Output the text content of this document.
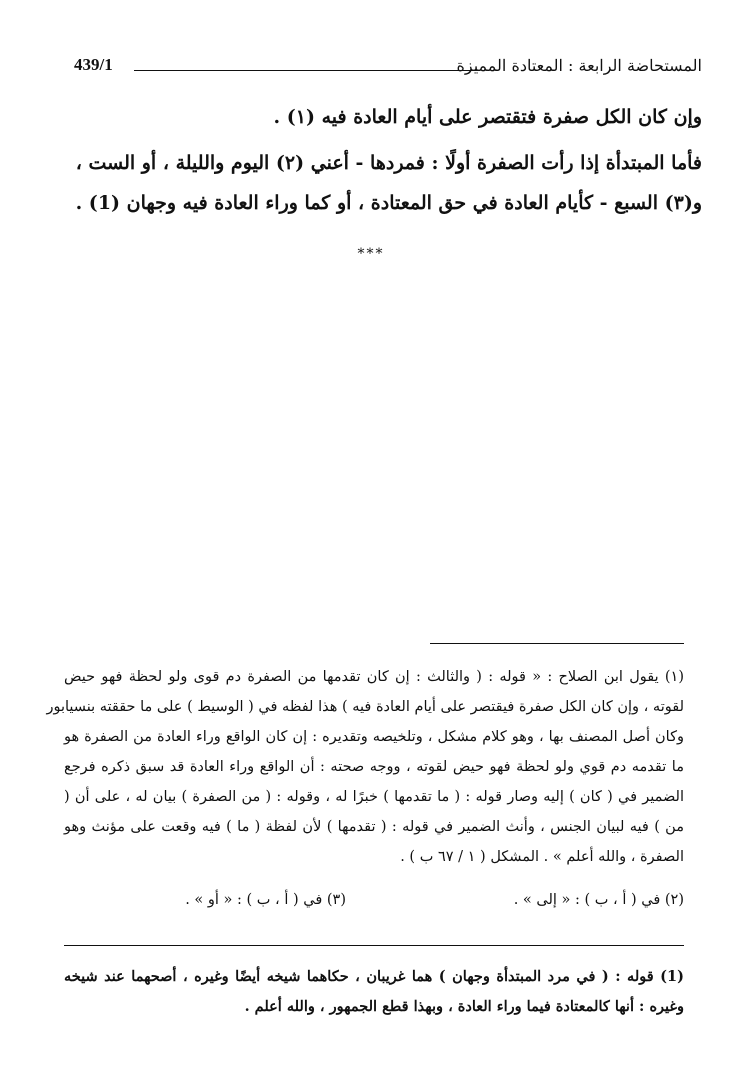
المستحاضة الرابعة : المعتادة المميزة
439/1
وإن كان الكل صفرة فتقتصر على أيام العادة فيه (١) .
فأما المبتدأة إذا رأت الصفرة أولًا : فمردها - أعني (٢) اليوم والليلة ، أو الست ،
و(٣) السبع - كأيام العادة في حق المعتادة ، أو كما وراء العادة فيه وجهان (1) .
***
(١) يقول ابن الصلاح : « قوله : ( والثالث : إن كان تقدمها من الصفرة دم قوى ولو لحظة فهو حيض
لقوته ، وإن كان الكل صفرة فيقتصر على أيام العادة فيه ) هذا لفظه في ( الوسيط ) على ما حققته بنسيابور
وكان أصل المصنف بها ، وهو كلام مشكل ، وتلخيصه وتقديره : إن كان الواقع وراء العادة من الصفرة هو
ما تقدمه دم قوي ولو لحظة فهو حيض لقوته ، ووجه صحته : أن الواقع وراء العادة قد سبق ذكره فرجع
الضمير في ( كان ) إليه وصار قوله : ( ما تقدمها ) خبرًا له ، وقوله : ( من الصفرة ) بيان له ، على أن (
من ) فيه لبيان الجنس ، وأنث الضمير في قوله : ( تقدمها ) لأن لفظة ( ما ) فيه وقعت على مؤنث وهو
الصفرة ، والله أعلم » . المشكل ( ١ / ٦٧ ب ) .
(٢) في ( أ ، ب ) : « إلى » .
(٣) في ( أ ، ب ) : « أو » .
(1) قوله : ( في مرد المبتدأة وجهان ) هما غريبان ، حكاهما شيخه أيضًا وغيره ، أصحهما عند شيخه
وغيره : أنها كالمعتادة فيما وراء العادة ، وبهذا قطع الجمهور ، والله أعلم .
